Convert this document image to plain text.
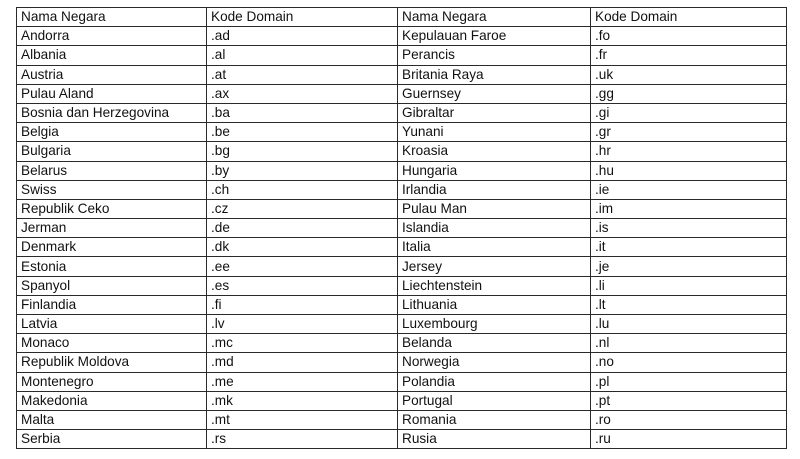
Nama Negara	Kode Domain	Nama Negara	Kode Domain
Andorra	.ad	Kepulauan Faroe	.fo
Albania	.al	Perancis	.fr
Austria	.at	Britania Raya	.uk
Pulau Aland	.ax	Guernsey	.gg
Bosnia dan Herzegovina	.ba	Gibraltar	.gi
Belgia	.be	Yunani	.gr
Bulgaria	.bg	Kroasia	.hr
Belarus	.by	Hungaria	.hu
Swiss	.ch	Irlandia	.ie
Republik Ceko	.cz	Pulau Man	.im
Jerman	.de	Islandia	.is
Denmark	.dk	Italia	.it
Estonia	.ee	Jersey	.je
Spanyol	.es	Liechtenstein	.li
Finlandia	.fi	Lithuania	.lt
Latvia	.lv	Luxembourg	.lu
Monaco	.mc	Belanda	.nl
Republik Moldova	.md	Norwegia	.no
Montenegro	.me	Polandia	.pl
Makedonia	.mk	Portugal	.pt
Malta	.mt	Romania	.ro
Serbia	.rs	Rusia	.ru
